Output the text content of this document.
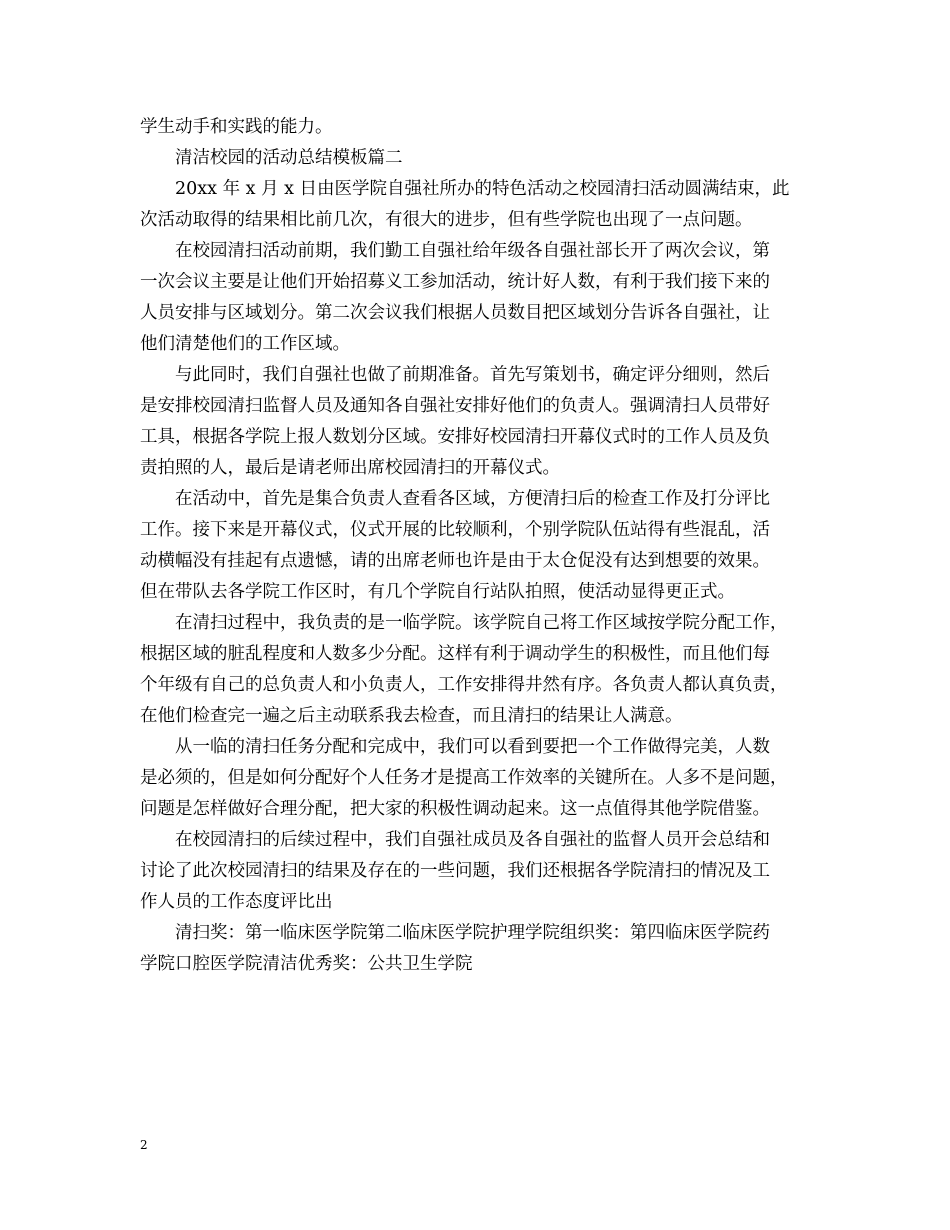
学生动手和实践的能力。
清洁校园的活动总结模板篇二
20xx 年 x 月 x 日由医学院自强社所办的特色活动之校园清扫活动圆满结束，此
次活动取得的结果相比前几次，有很大的进步，但有些学院也出现了一点问题。
在校园清扫活动前期，我们勤工自强社给年级各自强社部长开了两次会议，第
一次会议主要是让他们开始招募义工参加活动，统计好人数，有利于我们接下来的
人员安排与区域划分。第二次会议我们根据人员数目把区域划分告诉各自强社，让
他们清楚他们的工作区域。
与此同时，我们自强社也做了前期准备。首先写策划书，确定评分细则，然后
是安排校园清扫监督人员及通知各自强社安排好他们的负责人。强调清扫人员带好
工具，根据各学院上报人数划分区域。安排好校园清扫开幕仪式时的工作人员及负
责拍照的人，最后是请老师出席校园清扫的开幕仪式。
在活动中，首先是集合负责人查看各区域，方便清扫后的检查工作及打分评比
工作。接下来是开幕仪式，仪式开展的比较顺利，个别学院队伍站得有些混乱，活
动横幅没有挂起有点遗憾，请的出席老师也许是由于太仓促没有达到想要的效果。
但在带队去各学院工作区时，有几个学院自行站队拍照，使活动显得更正式。
在清扫过程中，我负责的是一临学院。该学院自己将工作区域按学院分配工作，
根据区域的脏乱程度和人数多少分配。这样有利于调动学生的积极性，而且他们每
个年级有自己的总负责人和小负责人，工作安排得井然有序。各负责人都认真负责，
在他们检查完一遍之后主动联系我去检查，而且清扫的结果让人满意。
从一临的清扫任务分配和完成中，我们可以看到要把一个工作做得完美，人数
是必须的，但是如何分配好个人任务才是提高工作效率的关键所在。人多不是问题，
问题是怎样做好合理分配，把大家的积极性调动起来。这一点值得其他学院借鉴。
在校园清扫的后续过程中，我们自强社成员及各自强社的监督人员开会总结和
讨论了此次校园清扫的结果及存在的一些问题，我们还根据各学院清扫的情况及工
作人员的工作态度评比出
清扫奖：第一临床医学院第二临床医学院护理学院组织奖：第四临床医学院药
学院口腔医学院清洁优秀奖：公共卫生学院
2
